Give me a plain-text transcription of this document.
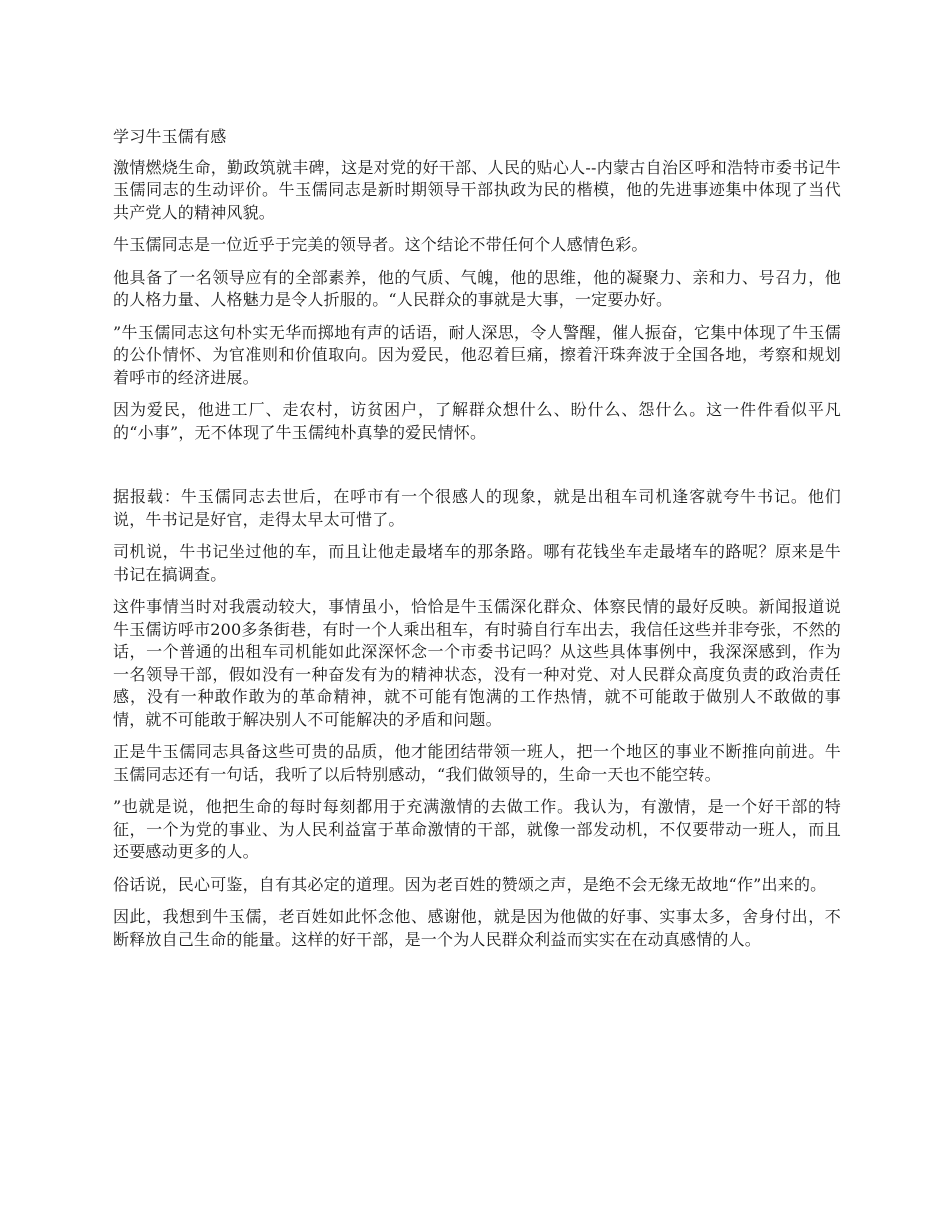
学习牛玉儒有感

激情燃烧生命，勤政筑就丰碑，这是对党的好干部、人民的贴心人--内蒙古自治区呼和浩特市委书记牛玉儒同志的生动评价。牛玉儒同志是新时期领导干部执政为民的楷模，他的先进事迹集中体现了当代共产党人的精神风貌。

牛玉儒同志是一位近乎于完美的领导者。这个结论不带任何个人感情色彩。

他具备了一名领导应有的全部素养，他的气质、气魄，他的思维，他的凝聚力、亲和力、号召力，他的人格力量、人格魅力是令人折服的。“人民群众的事就是大事，一定要办好。

”牛玉儒同志这句朴实无华而掷地有声的话语，耐人深思，令人警醒，催人振奋，它集中体现了牛玉儒的公仆情怀、为官准则和价值取向。因为爱民，他忍着巨痛，擦着汗珠奔波于全国各地，考察和规划着呼市的经济进展。

因为爱民，他进工厂、走农村，访贫困户，了解群众想什么、盼什么、怨什么。这一件件看似平凡的“小事”，无不体现了牛玉儒纯朴真挚的爱民情怀。

据报载：牛玉儒同志去世后，在呼市有一个很感人的现象，就是出租车司机逢客就夸牛书记。他们说，牛书记是好官，走得太早太可惜了。

司机说，牛书记坐过他的车，而且让他走最堵车的那条路。哪有花钱坐车走最堵车的路呢？原来是牛书记在搞调查。

这件事情当时对我震动较大，事情虽小，恰恰是牛玉儒深化群众、体察民情的最好反映。新闻报道说牛玉儒访呼市200多条街巷，有时一个人乘出租车，有时骑自行车出去，我信任这些并非夸张，不然的话，一个普通的出租车司机能如此深深怀念一个市委书记吗？从这些具体事例中，我深深感到，作为一名领导干部，假如没有一种奋发有为的精神状态，没有一种对党、对人民群众高度负责的政治责任感，没有一种敢作敢为的革命精神，就不可能有饱满的工作热情，就不可能敢于做别人不敢做的事情，就不可能敢于解决别人不可能解决的矛盾和问题。

正是牛玉儒同志具备这些可贵的品质，他才能团结带领一班人，把一个地区的事业不断推向前进。牛玉儒同志还有一句话，我听了以后特别感动，“我们做领导的，生命一天也不能空转。

”也就是说，他把生命的每时每刻都用于充满激情的去做工作。我认为，有激情，是一个好干部的特征，一个为党的事业、为人民利益富于革命激情的干部，就像一部发动机，不仅要带动一班人，而且还要感动更多的人。

俗话说，民心可鉴，自有其必定的道理。因为老百姓的赞颂之声，是绝不会无缘无故地“作”出来的。

因此，我想到牛玉儒，老百姓如此怀念他、感谢他，就是因为他做的好事、实事太多，舍身付出，不断释放自己生命的能量。这样的好干部，是一个为人民群众利益而实实在在动真感情的人。
